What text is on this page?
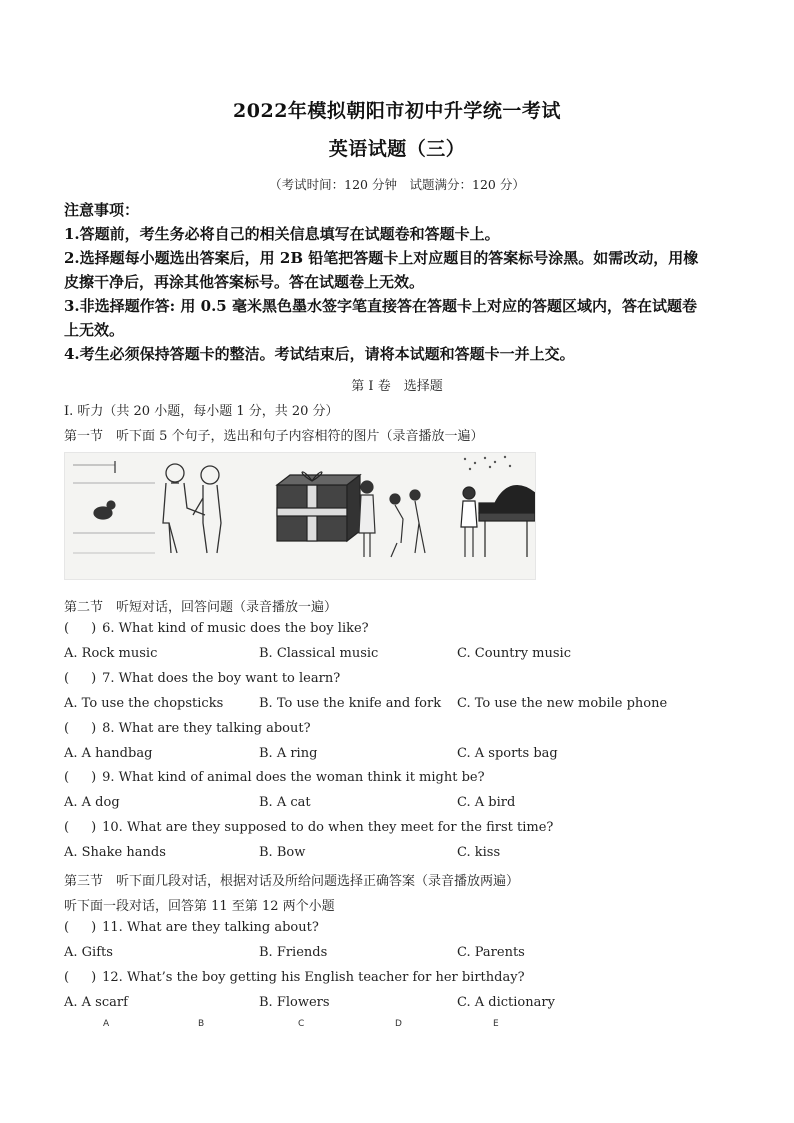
2022年模拟朝阳市初中升学统一考试
英语试题（三）
（考试时间：120 分钟　试题满分：120 分）
注意事项：
1.答题前，考生务必将自己的相关信息填写在试题卷和答题卡上。
2.选择题每小题选出答案后，用 2B 铅笔把答题卡上对应题目的答案标号涂黑。如需改动，用橡
皮擦干净后，再涂其他答案标号。答在试题卷上无效。
3.非选择题作答: 用 0.5 毫米黑色墨水签字笔直接答在答题卡上对应的答题区域内，答在试题卷
上无效。
4.考生必须保持答题卡的整洁。考试结束后，请将本试题和答题卡一并上交。
第 I 卷　选择题
I. 听力（共 20 小题，每小题 1 分，共 20 分）
第一节　听下面 5 个句子，选出和句子内容相符的图片（录音播放一遍）
A	B	C	D	E
第二节　听短对话，回答问题（录音播放一遍）
( ) 6. What kind of music does the boy like?
A. Rock music	B. Classical music	C. Country music
( ) 7. What does the boy want to learn?
A. To use the chopsticks	B. To use the knife and fork C. To use the new mobile phone
( ) 8. What are they talking about?
A. A handbag	B. A ring	C. A sports bag
( ) 9. What kind of animal does the woman think it might be?
A. A dog	B. A cat	C. A bird
( ) 10. What are they supposed to do when they meet for the first time?
A. Shake hands	B. Bow	C. kiss
第三节　听下面几段对话，根据对话及所给问题选择正确答案（录音播放两遍）
听下面一段对话，回答第 11 至第 12 两个小题
( ) 11. What are they talking about?
A. Gifts	B. Friends	C. Parents
( ) 12. What’s the boy getting his English teacher for her birthday?
A. A scarf	B. Flowers	C. A dictionary
